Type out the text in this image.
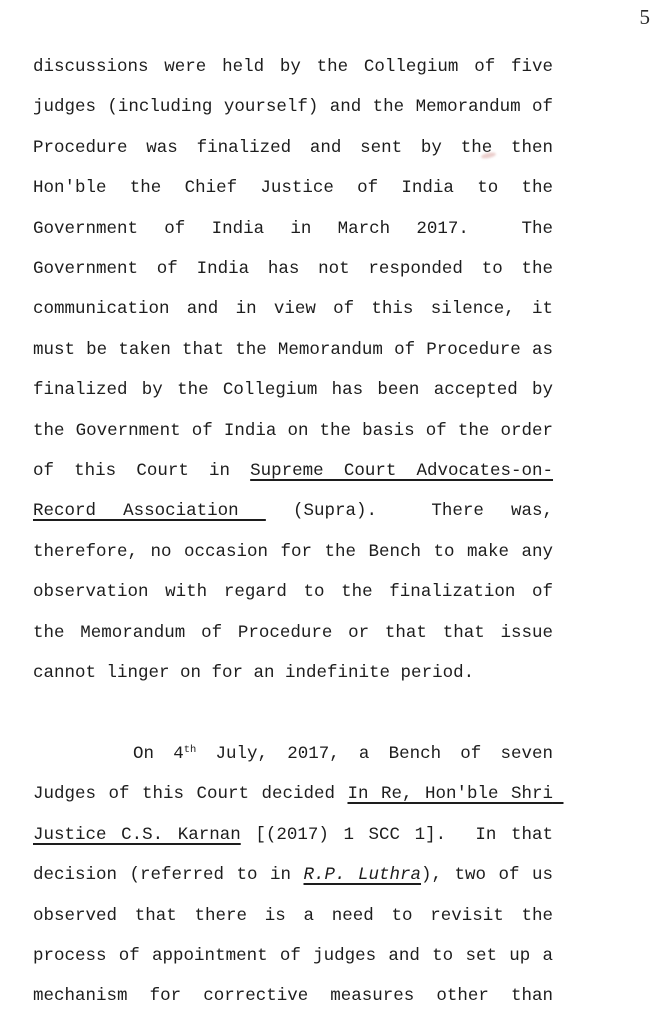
5

discussions were held by the Collegium of five judges (including yourself) and the Memorandum of Procedure was finalized and sent by the then Hon'ble the Chief Justice of India to the Government of India in March 2017.  The Government of India has not responded to the communication and in view of this silence, it must be taken that the Memorandum of Procedure as finalized by the Collegium has been accepted by the Government of India on the basis of the order of this Court in Supreme Court Advocates-on-Record Association  (Supra).  There was, therefore, no occasion for the Bench to make any observation with regard to the finalization of the Memorandum of Procedure or that that issue cannot linger on for an indefinite period.

On 4th July, 2017, a Bench of seven Judges of this Court decided In Re, Hon'ble Shri Justice C.S. Karnan [(2017) 1 SCC 1].  In that decision (referred to in R.P. Luthra), two of us observed that there is a need to revisit the process of appointment of judges and to set up a mechanism for corrective measures other than
